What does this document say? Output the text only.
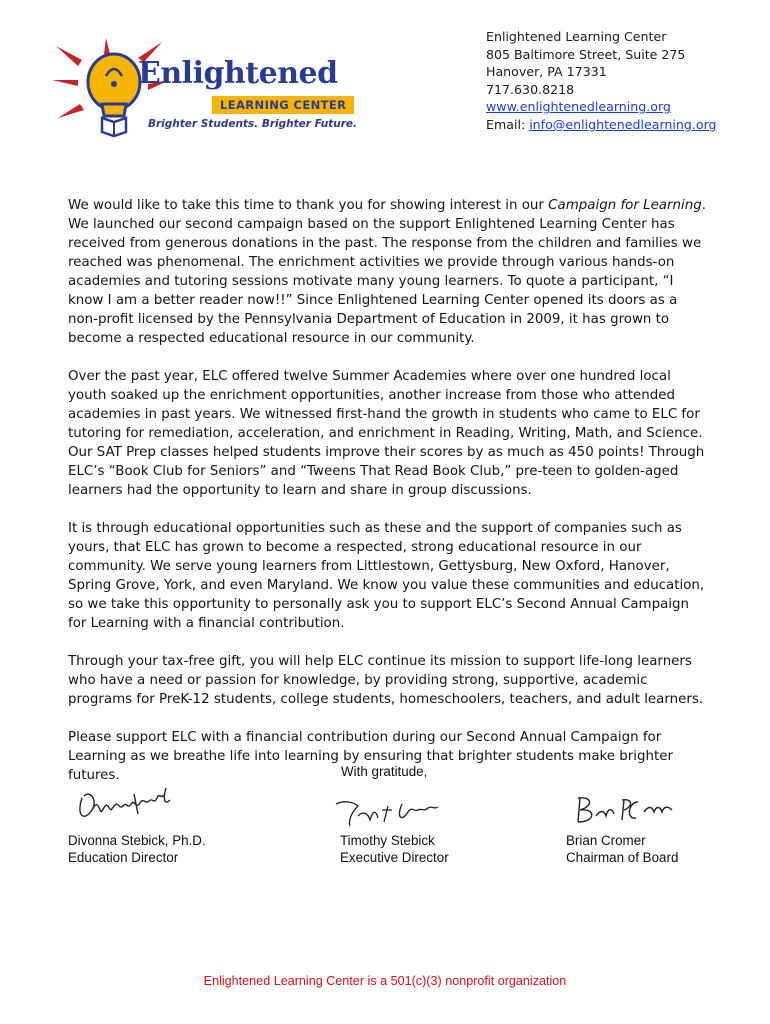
Enlightened
LEARNING CENTER
Brighter Students. Brighter Future.
Enlightened Learning Center
805 Baltimore Street, Suite 275
Hanover, PA 17331
717.630.8218
www.enlightenedlearning.org
Email: info@enlightenedlearning.org

We would like to take this time to thank you for showing interest in our Campaign for Learning. We launched our second campaign based on the support Enlightened Learning Center has received from generous donations in the past. The response from the children and families we reached was phenomenal. The enrichment activities we provide through various hands-on academies and tutoring sessions motivate many young learners. To quote a participant, “I know I am a better reader now!!” Since Enlightened Learning Center opened its doors as a non-profit licensed by the Pennsylvania Department of Education in 2009, it has grown to become a respected educational resource in our community.

Over the past year, ELC offered twelve Summer Academies where over one hundred local youth soaked up the enrichment opportunities, another increase from those who attended academies in past years. We witnessed first-hand the growth in students who came to ELC for tutoring for remediation, acceleration, and enrichment in Reading, Writing, Math, and Science. Our SAT Prep classes helped students improve their scores by as much as 450 points! Through ELC’s “Book Club for Seniors” and “Tweens That Read Book Club,” pre-teen to golden-aged learners had the opportunity to learn and share in group discussions.

It is through educational opportunities such as these and the support of companies such as yours, that ELC has grown to become a respected, strong educational resource in our community. We serve young learners from Littlestown, Gettysburg, New Oxford, Hanover, Spring Grove, York, and even Maryland. We know you value these communities and education, so we take this opportunity to personally ask you to support ELC’s Second Annual Campaign for Learning with a financial contribution.

Through your tax-free gift, you will help ELC continue its mission to support life-long learners who have a need or passion for knowledge, by providing strong, supportive, academic programs for PreK-12 students, college students, homeschoolers, teachers, and adult learners.

Please support ELC with a financial contribution during our Second Annual Campaign for Learning as we breathe life into learning by ensuring that brighter students make brighter futures.	With gratitude,
Divonna Stebick, Ph.D.
Education Director
Timothy Stebick
Executive Director
Brian Cromer
Chairman of Board
Enlightened Learning Center is a 501(c)(3) nonprofit organization
